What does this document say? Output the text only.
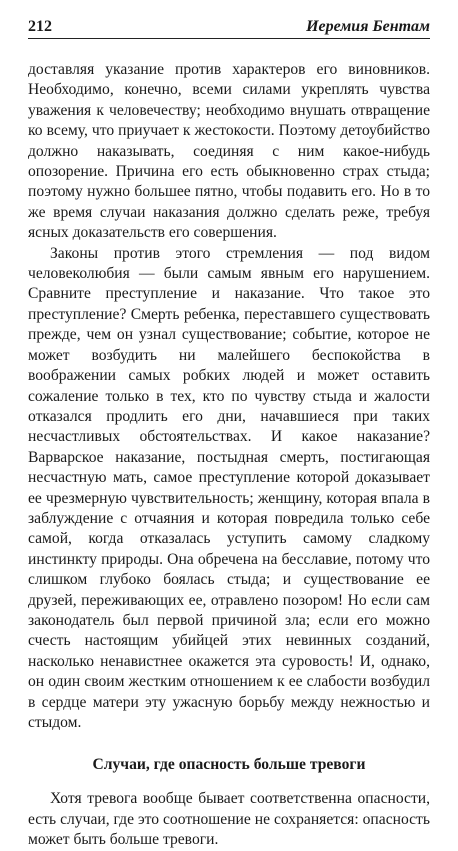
212	Иеремия Бентам

доставляя указание против характеров его виновников. Необходимо, конечно, всеми силами укреплять чувства уважения к человечеству; необходимо внушать отвращение ко всему, что приучает к жестокости. Поэтому детоубийство должно наказывать, соединяя с ним какое-нибудь опозорение. Причина его есть обыкновенно страх стыда; поэтому нужно большее пятно, чтобы подавить его. Но в то же время случаи наказания должно сделать реже, требуя ясных доказательств его совершения.

Законы против этого стремления — под видом человеколюбия — были самым явным его нарушением. Сравните преступление и наказание. Что такое это преступление? Смерть ребенка, переставшего существовать прежде, чем он узнал существование; событие, которое не может возбудить ни малейшего беспокойства в воображении самых робких людей и может оставить сожаление только в тех, кто по чувству стыда и жалости отказался продлить его дни, начавшиеся при таких несчастливых обстоятельствах. И какое наказание? Варварское наказание, постыдная смерть, постигающая несчастную мать, самое преступление которой доказывает ее чрезмерную чувствительность; женщину, которая впала в заблуждение с отчаяния и которая повредила только себе самой, когда отказалась уступить самому сладкому инстинкту природы. Она обречена на бесславие, потому что слишком глубоко боялась стыда; и существование ее друзей, переживающих ее, отравлено позором! Но если сам законодатель был первой причиной зла; если его можно счесть настоящим убийцей этих невинных созданий, насколько ненавистнее окажется эта суровость! И, однако, он один своим жестким отношением к ее слабости возбудил в сердце матери эту ужасную борьбу между нежностью и стыдом.

Случаи, где опасность больше тревоги

Хотя тревога вообще бывает соответственна опасности, есть случаи, где это соотношение не сохраняется: опасность может быть больше тревоги.
